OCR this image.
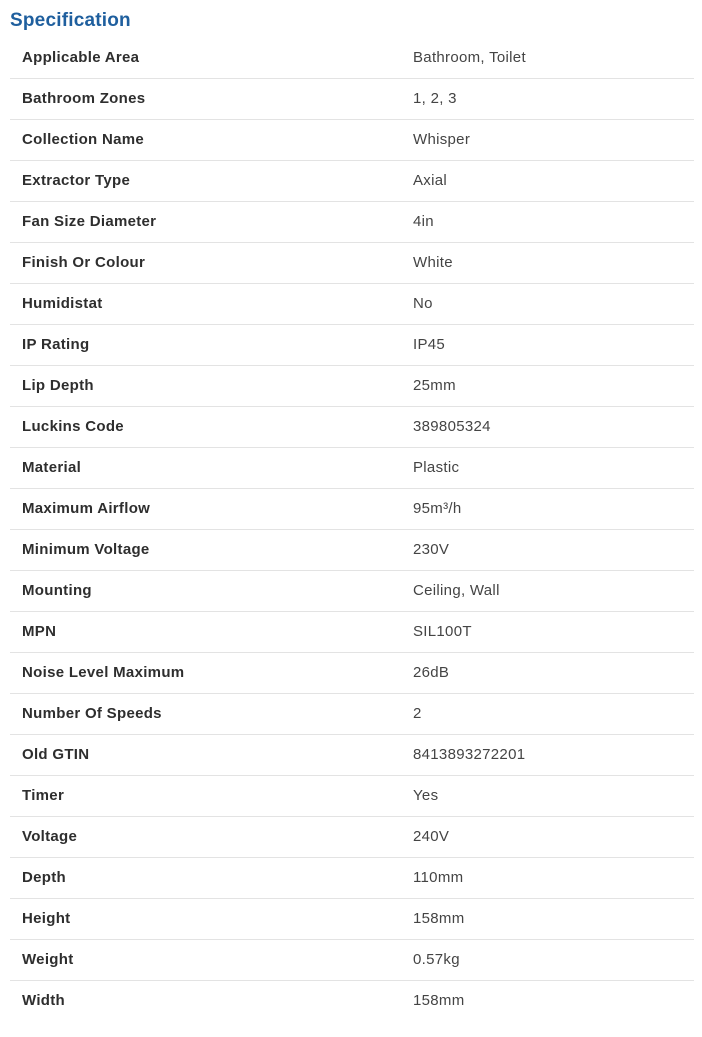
Specification
Applicable Area	Bathroom, Toilet
Bathroom Zones	1, 2, 3
Collection Name	Whisper
Extractor Type	Axial
Fan Size Diameter	4in
Finish Or Colour	White
Humidistat	No
IP Rating	IP45
Lip Depth	25mm
Luckins Code	389805324
Material	Plastic
Maximum Airflow	95m³/h
Minimum Voltage	230V
Mounting	Ceiling, Wall
MPN	SIL100T
Noise Level Maximum	26dB
Number Of Speeds	2
Old GTIN	8413893272201
Timer	Yes
Voltage	240V
Depth	110mm
Height	158mm
Weight	0.57kg
Width	158mm
